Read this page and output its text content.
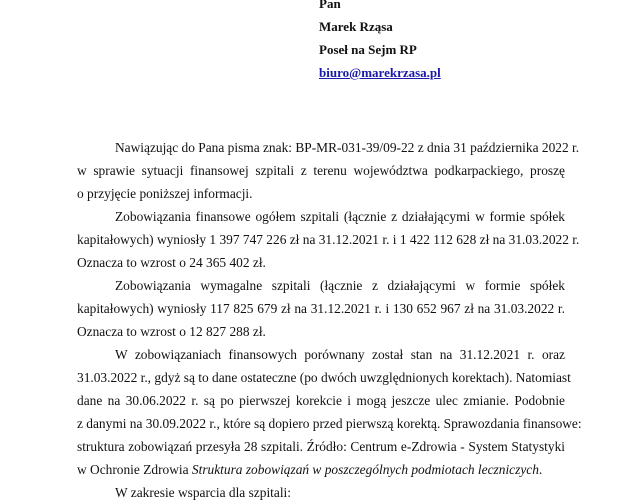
Pan
Marek Rząsa
Poseł na Sejm RP
biuro@marekrzasa.pl
Nawiązując do Pana pisma znak: BP-MR-031-39/09-22 z dnia 31 października 2022 r.
w sprawie sytuacji finansowej szpitali z terenu województwa podkarpackiego, proszę
o przyjęcie poniższej informacji.
Zobowiązania finansowe ogółem szpitali (łącznie z działającymi w formie spółek
kapitałowych) wyniosły 1 397 747 226 zł na 31.12.2021 r. i 1 422 112 628 zł na 31.03.2022 r.
Oznacza to wzrost o 24 365 402 zł.
Zobowiązania wymagalne szpitali (łącznie z działającymi w formie spółek
kapitałowych) wyniosły 117 825 679 zł na 31.12.2021 r. i 130 652 967 zł na 31.03.2022 r.
Oznacza to wzrost o 12 827 288 zł.
W zobowiązaniach finansowych porównany został stan na 31.12.2021 r. oraz
31.03.2022 r., gdyż są to dane ostateczne (po dwóch uwzględnionych korektach). Natomiast
dane na 30.06.2022 r. są po pierwszej korekcie i mogą jeszcze ulec zmianie. Podobnie
z danymi na 30.09.2022 r., które są dopiero przed pierwszą korektą. Sprawozdania finansowe:
struktura zobowiązań przesyła 28 szpitali. Źródło: Centrum e-Zdrowia - System Statystyki
w Ochronie Zdrowia Struktura zobowiązań w poszczególnych podmiotach leczniczych.
W zakresie wsparcia dla szpitali:
